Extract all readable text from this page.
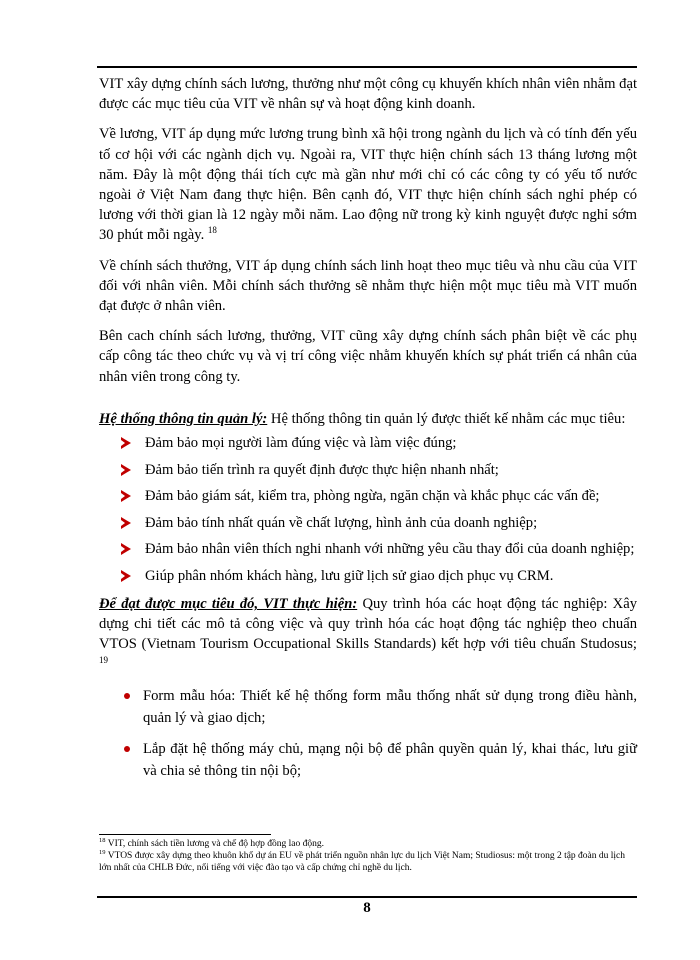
VIT xây dựng chính sách lương, thưởng như một công cụ khuyến khích nhân viên nhằm đạt được các mục tiêu của VIT về nhân sự và hoạt động kinh doanh.

Về lương, VIT áp dụng mức lương trung bình xã hội trong ngành du lịch và có tính đến yếu tố cơ hội với các ngành dịch vụ. Ngoài ra, VIT thực hiện chính sách 13 tháng lương một năm. Đây là một động thái tích cực mà gần như mới chỉ có các công ty có yếu tố nước ngoài ở Việt Nam đang thực hiện. Bên cạnh đó, VIT thực hiện chính sách nghỉ phép có lương với thời gian là 12 ngày mỗi năm. Lao động nữ trong kỳ kinh nguyệt được nghỉ sớm 30 phút mỗi ngày. $^{18}$

Về chính sách thưởng, VIT áp dụng chính sách linh hoạt theo mục tiêu và nhu cầu của VIT đối với nhân viên. Mỗi chính sách thưởng sẽ nhằm thực hiện một mục tiêu mà VIT muốn đạt được ở nhân viên.

Bên cach chính sách lương, thưởng, VIT cũng xây dựng chính sách phân biệt về các phụ cấp công tác theo chức vụ và vị trí công việc nhằm khuyến khích sự phát triển cá nhân của nhân viên trong công ty.

Hệ thống thông tin quản lý: Hệ thống thông tin quản lý được thiết kế nhằm các mục tiêu:

Đảm bảo mọi người làm đúng việc và làm việc đúng;
Đảm bảo tiến trình ra quyết định được thực hiện nhanh nhất;
Đảm bảo giám sát, kiểm tra, phòng ngừa, ngăn chặn và khắc phục các vấn đề;
Đảm bảo tính nhất quán về chất lượng, hình ảnh của doanh nghiệp;
Đảm bảo nhân viên thích nghi nhanh với những yêu cầu thay đổi của doanh nghiệp;
Giúp phân nhóm khách hàng, lưu giữ lịch sử giao dịch phục vụ CRM.

Để đạt được mục tiêu đó, VIT thực hiện: Quy trình hóa các hoạt động tác nghiệp: Xây dựng chi tiết các mô tả công việc và quy trình hóa các hoạt động tác nghiệp theo chuẩn VTOS (Vietnam Tourism Occupational Skills Standards) kết hợp với tiêu chuẩn Studosus; $^{19}$

Form mẫu hóa: Thiết kế hệ thống form mẫu thống nhất sử dụng trong điều hành, quản lý và giao dịch;
Lắp đặt hệ thống máy chủ, mạng nội bộ để phân quyền quản lý, khai thác, lưu giữ và chia sẻ thông tin nội bộ;
$^{18}$ VIT, chính sách tiền lương và chế độ hợp đồng lao động.
$^{19}$ VTOS được xây dựng theo khuôn khổ dự án EU về phát triển nguồn nhân lực du lịch Việt Nam; Studiosus: một trong 2 tập đoàn du lịch lớn nhất của CHLB Đức, nổi tiếng với việc đào tạo và cấp chứng chỉ nghề du lịch.
8
